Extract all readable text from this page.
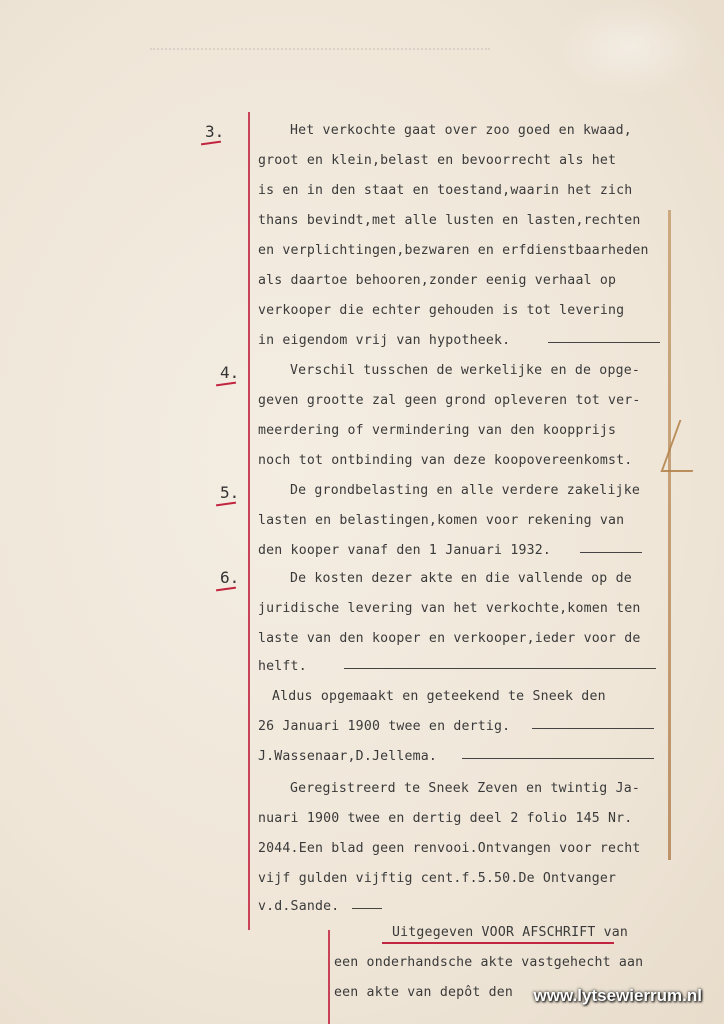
3.	Het verkochte gaat over zoo goed en kwaad,
groot en klein,belast en bevoorrecht als het
is en in den staat en toestand,waarin het zich
thans bevindt,met alle lusten en lasten,rechten
en verplichtingen,bezwaren en erfdienstbaarheden
als daartoe behooren,zonder eenig verhaal op
verkooper die echter gehouden is tot levering
in eigendom vrij van hypotheek.
4.	Verschil tusschen de werkelijke en de opge-
geven grootte zal geen grond opleveren tot ver-
meerdering of vermindering van den koopprijs
noch tot ontbinding van deze koopovereenkomst.
5.	De grondbelasting en alle verdere zakelijke
lasten en belastingen,komen voor rekening van
den kooper vanaf den 1 Januari 1932.
6.	De kosten dezer akte en die vallende op de
juridische levering van het verkochte,komen ten
laste van den kooper en verkooper,ieder voor de
helft.
Aldus opgemaakt en geteekend te Sneek den
26 Januari 1900 twee en dertig.
J.Wassenaar,D.Jellema.
Geregistreerd te Sneek Zeven en twintig Ja-
nuari 1900 twee en dertig deel 2 folio 145 Nr.
2044.Een blad geen renvooi.Ontvangen voor recht
vijf gulden vijftig cent.f.5.50.De Ontvanger
v.d.Sande.
Uitgegeven VOOR AFSCHRIFT van
een onderhandsche akte vastgehecht aan
een akte van depôt den www.lytsewierrum.nl
